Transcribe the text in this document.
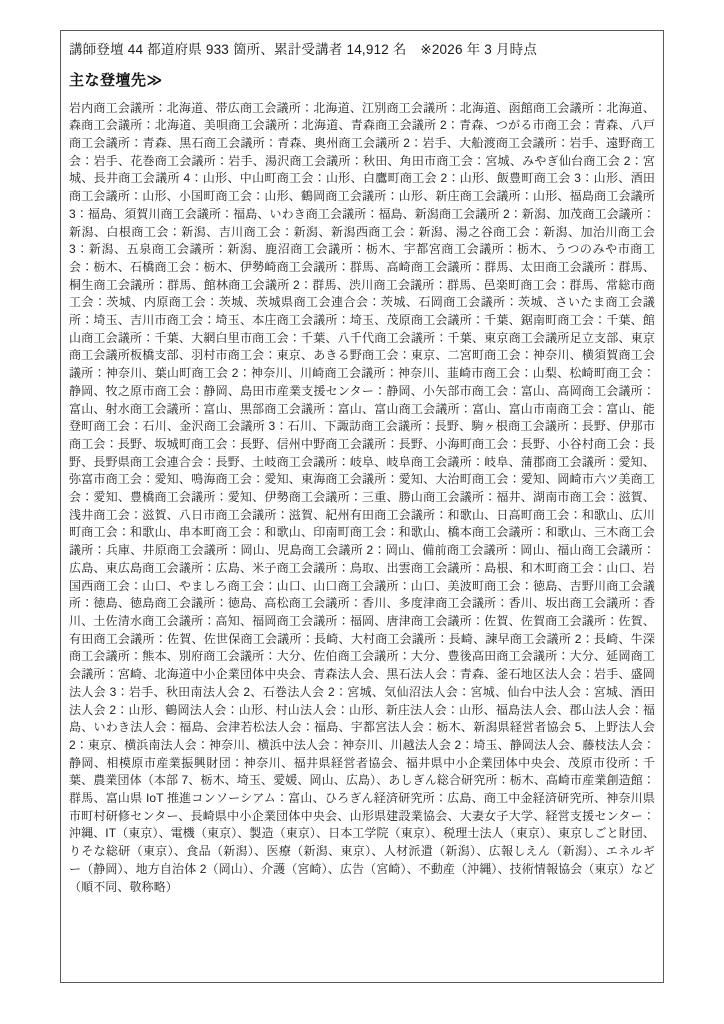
講師登壇 44 都道府県 933 箇所、累計受講者 14,912 名　※2026 年 3 月時点
主な登壇先≫
岩内商工会議所：北海道、帯広商工会議所：北海道、江別商工会議所：北海道、函館商工会議所：北海道、森商工会議所：北海道、美唄商工会議所：北海道、青森商工会議所 2：青森、つがる市商工会：青森、八戸商工会議所：青森、黒石商工会議所：青森、奥州商工会議所 2：岩手、大船渡商工会議所：岩手、遠野商工会：岩手、花巻商工会議所：岩手、湯沢商工会議所：秋田、角田市商工会：宮城、みやぎ仙台商工会 2：宮城、長井商工会議所 4：山形、中山町商工会：山形、白鷹町商工会 2：山形、飯豊町商工会 3：山形、酒田商工会議所：山形、小国町商工会：山形、鶴岡商工会議所：山形、新庄商工会議所：山形、福島商工会議所 3：福島、須賀川商工会議所：福島、いわき商工会議所：福島、新潟商工会議所 2：新潟、加茂商工会議所：新潟、白根商工会：新潟、吉川商工会：新潟、新潟西商工会：新潟、湯之谷商工会：新潟、加治川商工会 3：新潟、五泉商工会議所：新潟、鹿沼商工会議所：栃木、宇都宮商工会議所：栃木、うつのみや市商工会：栃木、石橋商工会：栃木、伊勢崎商工会議所：群馬、高崎商工会議所：群馬、太田商工会議所：群馬、桐生商工会議所：群馬、館林商工会議所 2：群馬、渋川商工会議所：群馬、邑楽町商工会：群馬、常総市商工会：茨城、内原商工会：茨城、茨城県商工会連合会：茨城、石岡商工会議所：茨城、さいたま商工会議所：埼玉、吉川市商工会：埼玉、本庄商工会議所：埼玉、茂原商工会議所：千葉、鋸南町商工会：千葉、館山商工会議所：千葉、大網白里市商工会：千葉、八千代商工会議所：千葉、東京商工会議所足立支部、東京商工会議所板橋支部、羽村市商工会：東京、あきる野商工会：東京、二宮町商工会：神奈川、横須賀商工会議所：神奈川、葉山町商工会 2：神奈川、川崎商工会議所：神奈川、韮崎市商工会：山梨、松崎町商工会：静岡、牧之原市商工会：静岡、島田市産業支援センター：静岡、小矢部市商工会：富山、高岡商工会議所：富山、射水商工会議所：富山、黒部商工会議所：富山、富山商工会議所：富山、富山市南商工会：富山、能登町商工会：石川、金沢商工会議所 3：石川、下諏訪商工会議所：長野、駒ヶ根商工会議所：長野、伊那市商工会：長野、坂城町商工会：長野、信州中野商工会議所：長野、小海町商工会：長野、小谷村商工会：長野、長野県商工会連合会：長野、土岐商工会議所：岐阜、岐阜商工会議所：岐阜、蒲郡商工会議所：愛知、弥富市商工会：愛知、鳴海商工会：愛知、東海商工会議所：愛知、大治町商工会：愛知、岡崎市六ツ美商工会：愛知、豊橋商工会議所：愛知、伊勢商工会議所：三重、勝山商工会議所：福井、湖南市商工会：滋賀、浅井商工会：滋賀、八日市商工会議所：滋賀、紀州有田商工会議所：和歌山、日高町商工会：和歌山、広川町商工会：和歌山、串本町商工会：和歌山、印南町商工会：和歌山、橋本商工会議所：和歌山、三木商工会議所：兵庫、井原商工会議所：岡山、児島商工会議所 2：岡山、備前商工会議所：岡山、福山商工会議所：広島、東広島商工会議所：広島、米子商工会議所：鳥取、出雲商工会議所：島根、和木町商工会：山口、岩国西商工会：山口、やましろ商工会：山口、山口商工会議所：山口、美波町商工会：徳島、吉野川商工会議所：徳島、徳島商工会議所：徳島、高松商工会議所：香川、多度津商工会議所：香川、坂出商工会議所：香川、土佐清水商工会議所：高知、福岡商工会議所：福岡、唐津商工会議所：佐賀、佐賀商工会議所：佐賀、有田商工会議所：佐賀、佐世保商工会議所：長崎、大村商工会議所：長崎、諫早商工会議所 2：長崎、牛深商工会議所：熊本、別府商工会議所：大分、佐伯商工会議所：大分、豊後高田商工会議所：大分、延岡商工会議所：宮崎、北海道中小企業団体中央会、青森法人会、黒石法人会：青森、釜石地区法人会：岩手、盛岡法人会 3：岩手、秋田南法人会 2、石巻法人会 2：宮城、気仙沼法人会：宮城、仙台中法人会：宮城、酒田法人会 2：山形、鶴岡法人会：山形、村山法人会：山形、新庄法人会：山形、福島法人会、郡山法人会：福島、いわき法人会：福島、会津若松法人会：福島、宇都宮法人会：栃木、新潟県経営者協会 5、上野法人会 2：東京、横浜南法人会：神奈川、横浜中法人会：神奈川、川越法人会 2：埼玉、静岡法人会、藤枝法人会：静岡、相模原市産業振興財団：神奈川、福井県経営者協会、福井県中小企業団体中央会、茂原市役所：千葉、農業団体（本部 7、栃木、埼玉、愛媛、岡山、広島）、あしぎん総合研究所：栃木、高崎市産業創造館：群馬、富山県 IoT 推進コンソーシアム：富山、ひろぎん経済研究所：広島、商工中金経済研究所、神奈川県市町村研修センター、長崎県中小企業団体中央会、山形県建設業協会、大妻女子大学、経営支援センター：沖縄、IT（東京）、電機（東京）、製造（東京）、日本工学院（東京）、税理士法人（東京）、東京しごと財団、りそな総研（東京）、食品（新潟）、医療（新潟、東京）、人材派遣（新潟）、広報しえん（新潟）、エネルギー（静岡）、地方自治体 2（岡山）、介護（宮崎）、広告（宮崎）、不動産（沖縄）、技術情報協会（東京）など（順不同、敬称略）
